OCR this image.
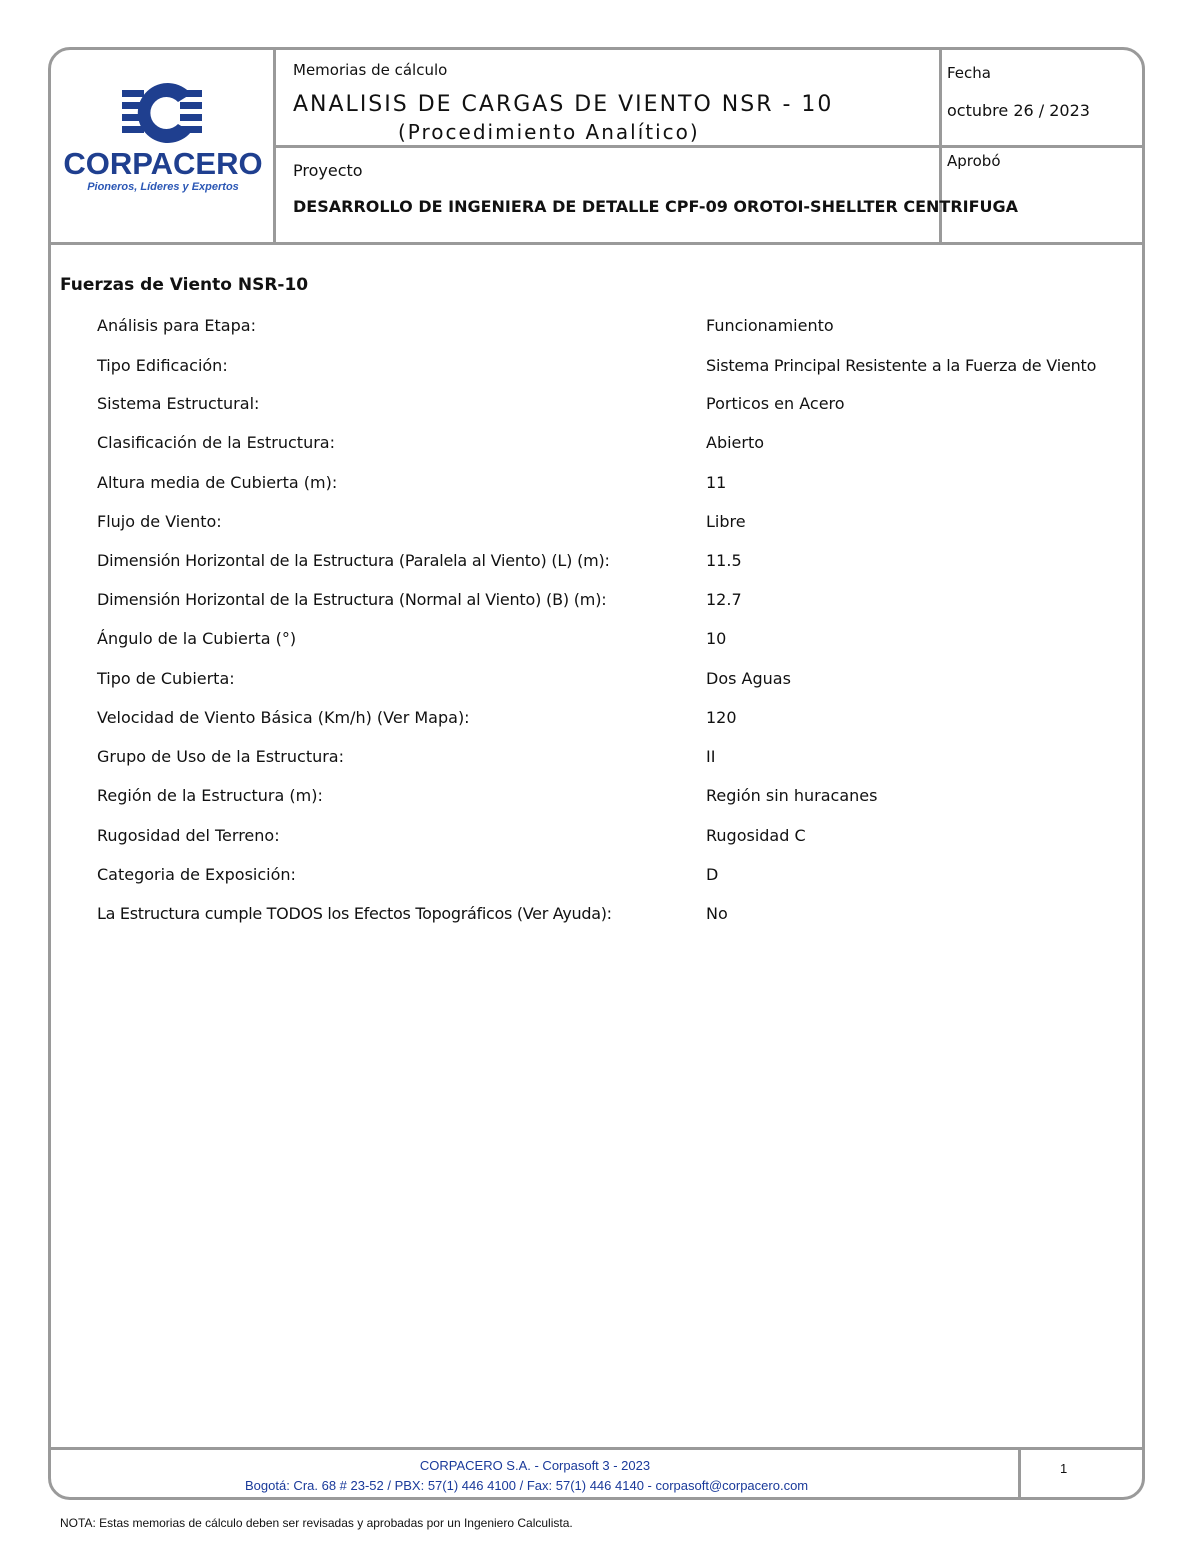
CORPACERO
Pioneros, Líderes y Expertos
Memorias de cálculo
ANALISIS DE CARGAS DE VIENTO NSR - 10
(Procedimiento Analítico)
Fecha
octubre 26 / 2023
Proyecto	Aprobó
DESARROLLO DE INGENIERA DE DETALLE CPF-09 OROTOI-SHELLTER CENTRIFUGA
Fuerzas de Viento NSR-10
Análisis para Etapa:	Funcionamiento
Tipo Edificación:	Sistema Principal Resistente a la Fuerza de Viento
Sistema Estructural:	Porticos en Acero
Clasificación de la Estructura:	Abierto
Altura media de Cubierta (m):	11
Flujo de Viento:	Libre
Dimensión Horizontal de la Estructura (Paralela al Viento) (L) (m):	11.5
Dimensión Horizontal de la Estructura (Normal al Viento) (B) (m):	12.7
Ángulo de la Cubierta (°)	10
Tipo de Cubierta:	Dos Aguas
Velocidad de Viento Básica (Km/h) (Ver Mapa):	120
Grupo de Uso de la Estructura:	II
Región de la Estructura (m):	Región sin huracanes
Rugosidad del Terreno:	Rugosidad C
Categoria de Exposición:	D
La Estructura cumple TODOS los Efectos Topográficos (Ver Ayuda):	No
CORPACERO S.A. - Corpasoft 3 - 2023
Bogotá: Cra. 68 # 23-52 / PBX: 57(1) 446 4100 / Fax: 57(1) 446 4140 - corpasoft@corpacero.com
1
NOTA: Estas memorias de cálculo deben ser revisadas y aprobadas por un Ingeniero Calculista.
